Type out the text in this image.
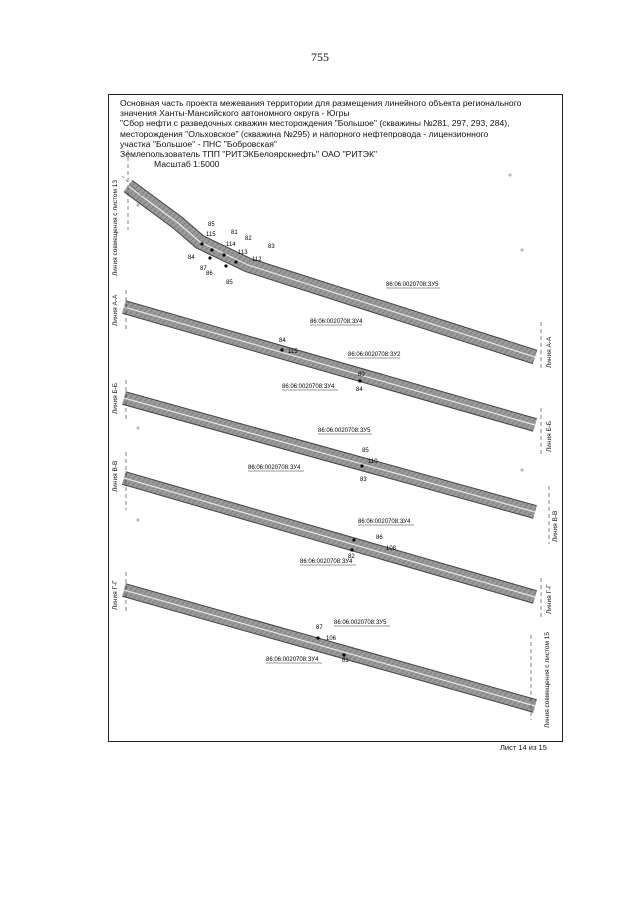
755
Основная часть проекта межевания территории для размещения линейного объекта регионального
значения Ханты-Мансийского автономного округа - Югры
"Сбор нефти с разведочных скважин месторождения "Большое" (скважины №281, 297, 293, 284),
месторождения "Ольховское" (скважина №295) и напорного нефтепровода - лицензионного
участка "Большое" - ПНС "Бобровская"
Землепользователь ТПП "РИТЭКБелоярскнефть" ОАО "РИТЭК"
Масштаб 1:5000
Лист 14 из 15
86:06:0020708:ЗУ4
86:06:0020708:ЗУ5
85
115	81
114
82
113
83
112
84
87
86
85
84
115
80
84
86:06:0020708:ЗУ2
86:06:0020708:ЗУ4
85
110
83
86:06:0020708:ЗУ5
86:06:0020708:ЗУ4
86
108
82
86:06:0020708:ЗУ4
86:06:0020708:ЗУ4
87
106
81
86:06:0020708:ЗУ5
86:06:0020708:ЗУ4
Линия совмещения с листом 13
Линия А-А
Линия А-А
Линия Б-Б
Линия Б-Б
Линия В-В
Линия В-В
Линия Г-Г	Линия Г-Г
Линия совмещения с листом 15
